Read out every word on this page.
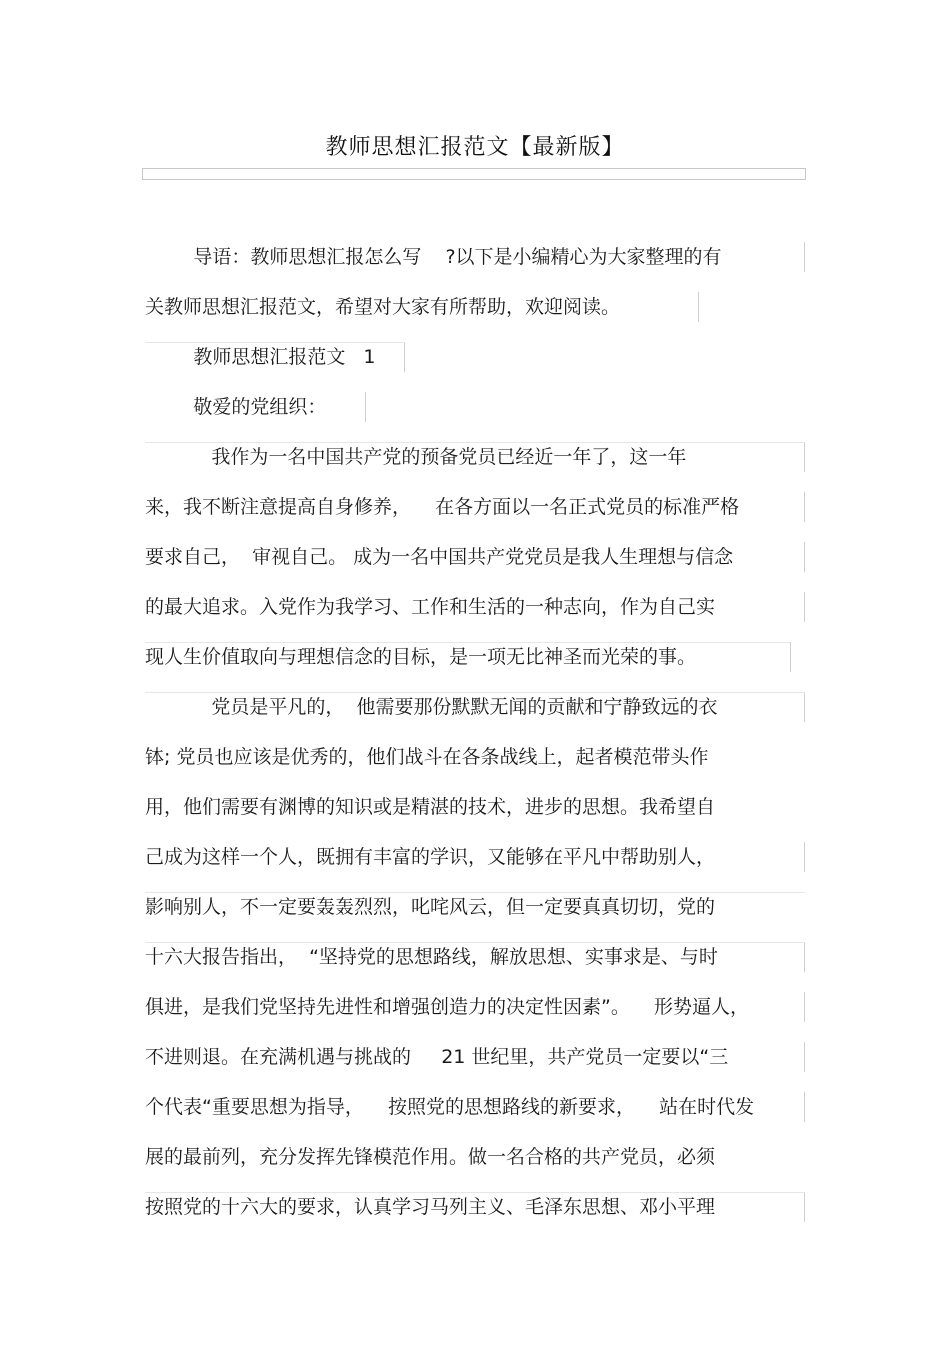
教师思想汇报范文【最新版】
导语：教师思想汇报怎么写    ?以下是小编精心为大家整理的有
关教师思想汇报范文，希望对大家有所帮助，欢迎阅读。
教师思想汇报范文   1
敬爱的党组织：
我作为一名中国共产党的预备党员已经近一年了，这一年
来，我不断注意提高自身修养，    在各方面以一名正式党员的标准严格
要求自己，  审视自己。 成为一名中国共产党党员是我人生理想与信念
的最大追求。入党作为我学习、工作和生活的一种志向，作为自己实
现人生价值取向与理想信念的目标，是一项无比神圣而光荣的事。
党员是平凡的，  他需要那份默默无闻的贡献和宁静致远的衣
钵; 党员也应该是优秀的，他们战斗在各条战线上，起者模范带头作
用，他们需要有渊博的知识或是精湛的技术，进步的思想。我希望自
己成为这样一个人，既拥有丰富的学识，又能够在平凡中帮助别人，
影响别人，不一定要轰轰烈烈，叱咤风云，但一定要真真切切，党的
十六大报告指出，  “坚持党的思想路线，解放思想、实事求是、与时
俱进，是我们党坚持先进性和增强创造力的决定性因素”。    形势逼人，
不进则退。在充满机遇与挑战的     21 世纪里，共产党员一定要以“三
个代表“重要思想为指导，    按照党的思想路线的新要求，    站在时代发
展的最前列，充分发挥先锋模范作用。做一名合格的共产党员，必须
按照党的十六大的要求，认真学习马列主义、毛泽东思想、邓小平理
